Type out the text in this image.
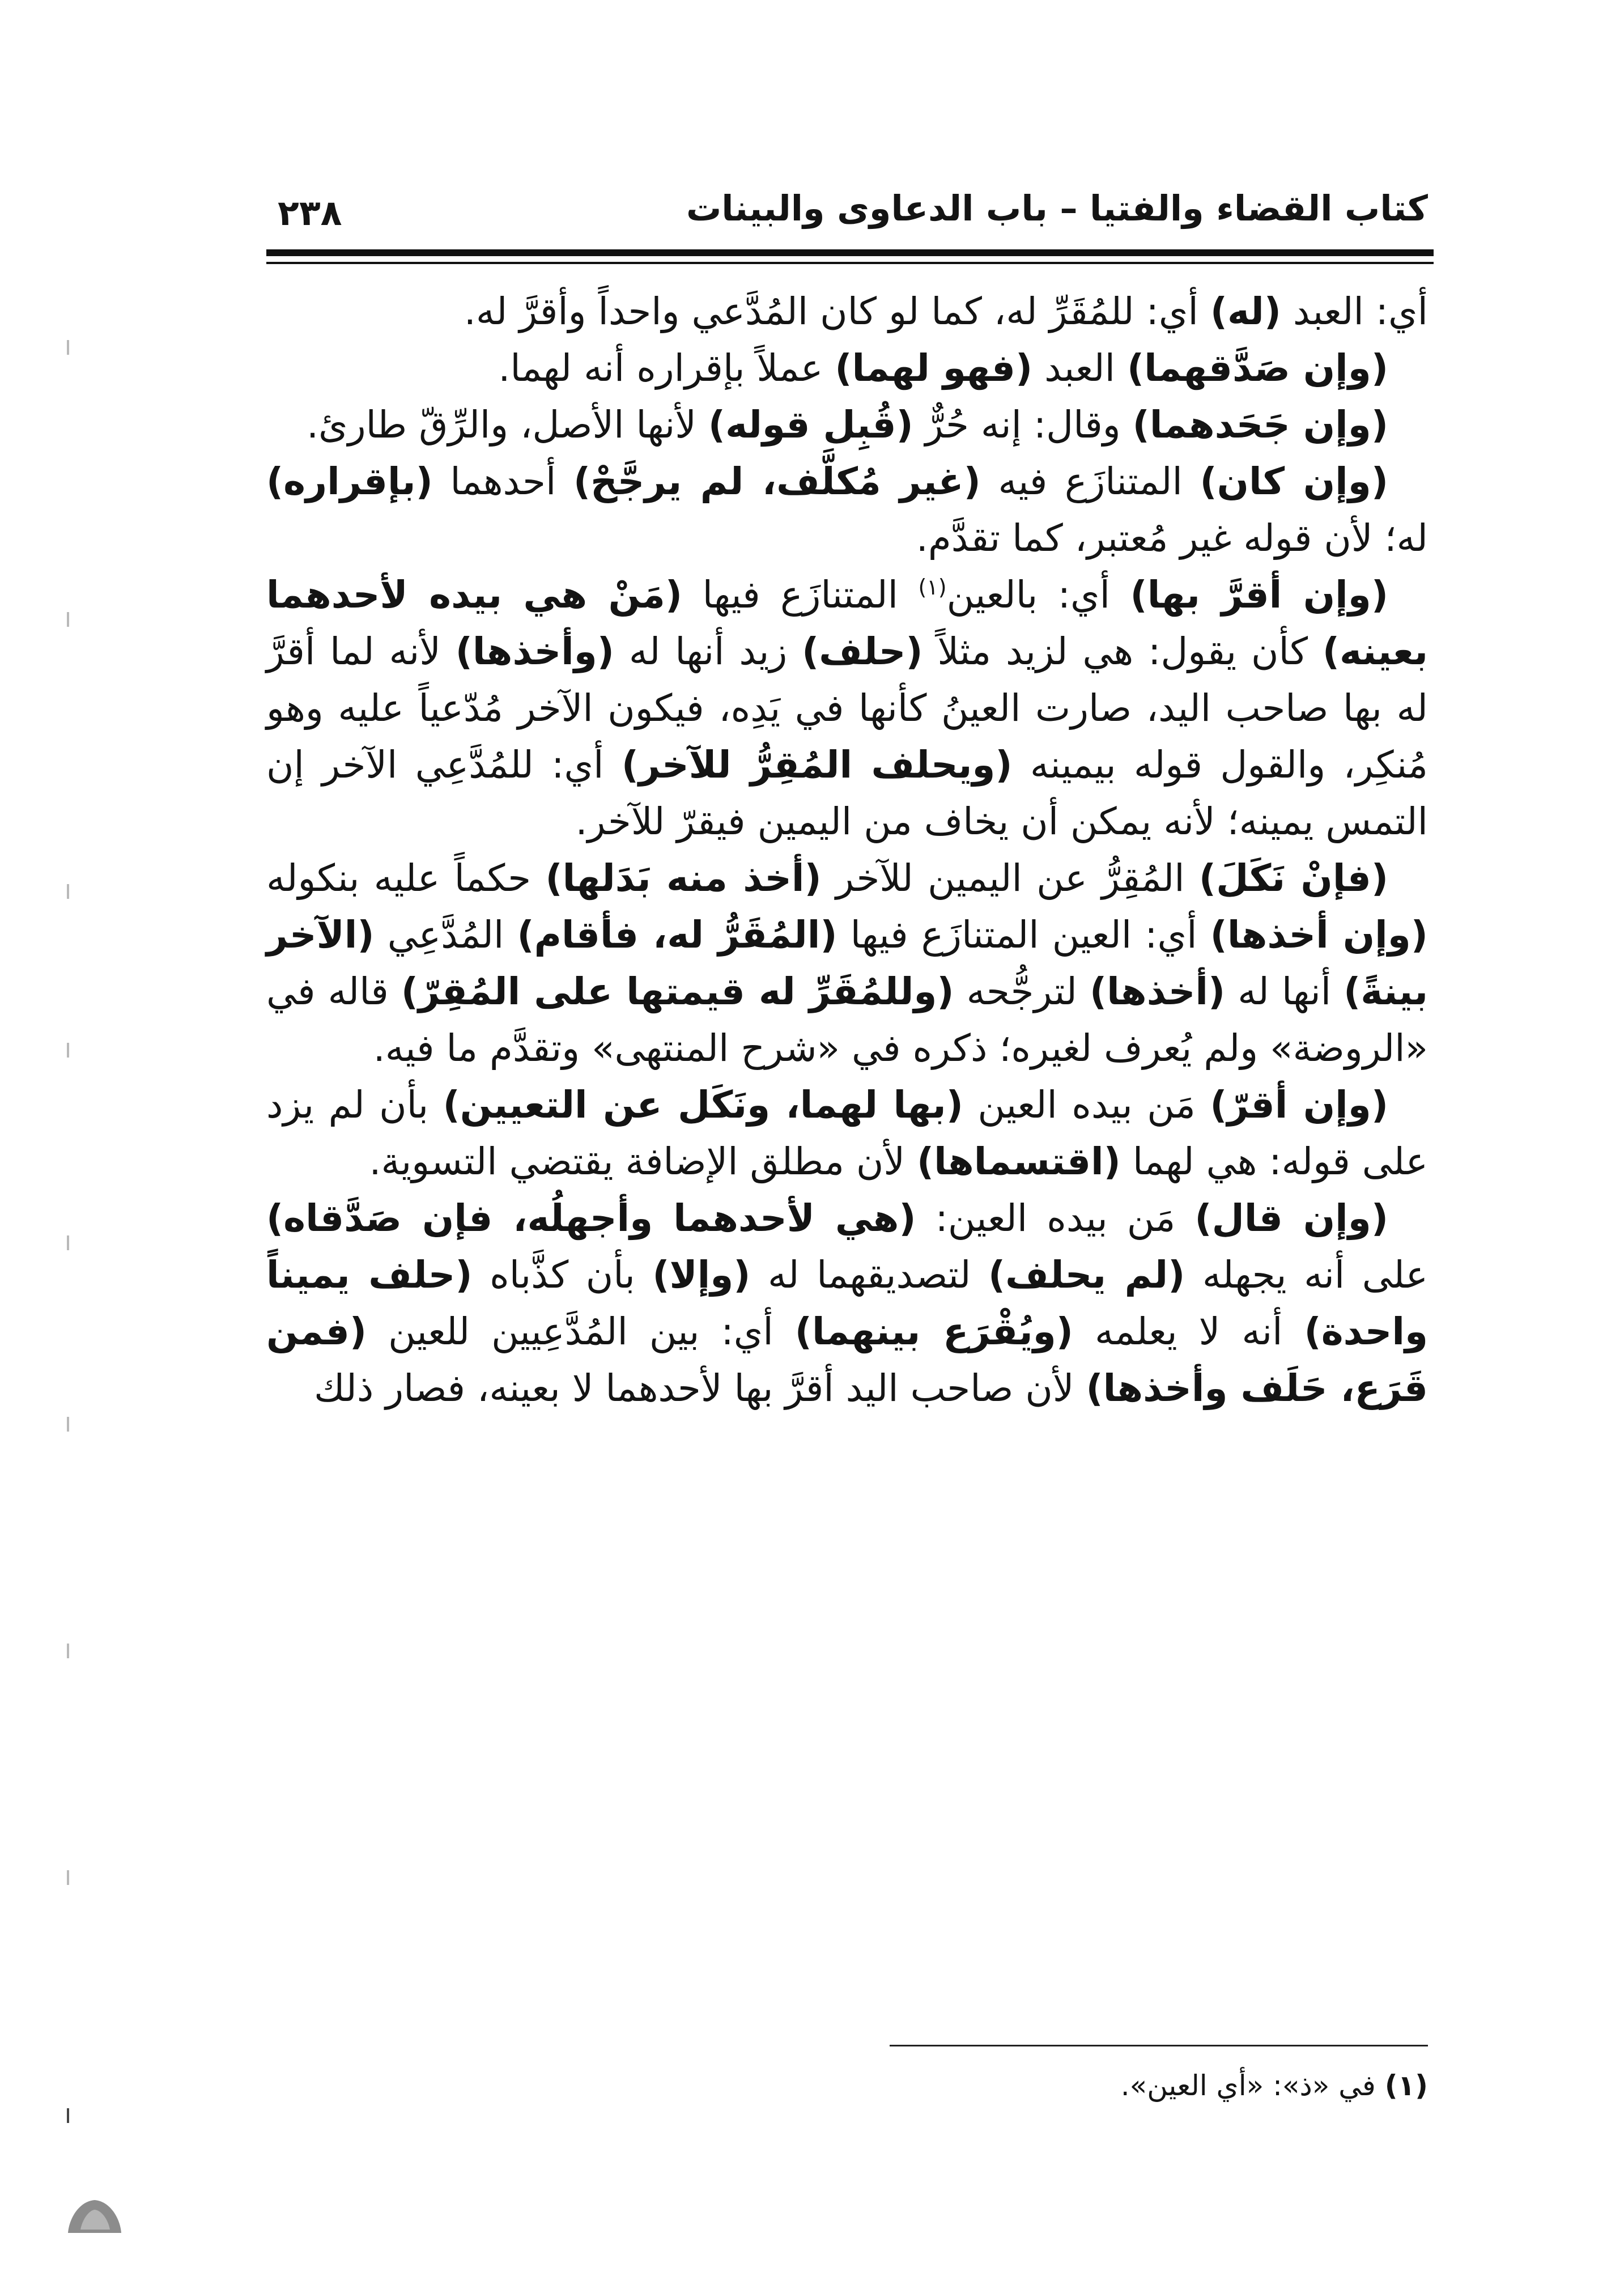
كتاب القضاء والفتيا – باب الدعاوى والبينات
٢٣٨

أي: العبد (له) أي: للمُقَرِّ له، كما لو كان المُدَّعي واحداً وأقرَّ له.

(وإن صَدَّقهما) العبد (فهو لهما) عملاً بإقراره أنه لهما.

(وإن جَحَدهما) وقال: إنه حُرٌّ (قُبِل قوله) لأنها الأصل، والرِّقّ طارئ.

(وإن كان) المتنازَع فيه (غير مُكلَّف، لم يرجَّحْ) أحدهما (بإقراره) له؛ لأن قوله غير مُعتبر، كما تقدَّم.

(وإن أقرَّ بها) أي: بالعين$^{(١)}$ المتنازَع فيها (مَنْ هي بيده لأحدهما بعينه) كأن يقول: هي لزيد مثلاً (حلف) زيد أنها له (وأخذها) لأنه لما أقرَّ له بها صاحب اليد، صارت العينُ كأنها في يَدِه، فيكون الآخر مُدّعياً عليه وهو مُنكِر، والقول قوله بيمينه (ويحلف المُقِرُّ للآخر) أي: للمُدَّعِي الآخر إن التمس يمينه؛ لأنه يمكن أن يخاف من اليمين فيقرّ للآخر.

(فإنْ نَكَلَ) المُقِرُّ عن اليمين للآخر (أخذ منه بَدَلها) حكماً عليه بنكوله (وإن أخذها) أي: العين المتنازَع فيها (المُقَرُّ له، فأقام) المُدَّعِي (الآخر بينةً) أنها له (أخذها) لترجُّحه (وللمُقَرِّ له قيمتها على المُقِرّ) قاله في «الروضة» ولم يُعرف لغيره؛ ذكره في «شرح المنتهى» وتقدَّم ما فيه.

(وإن أقرّ) مَن بيده العين (بها لهما، ونَكَل عن التعيين) بأن لم يزد على قوله: هي لهما (اقتسماها) لأن مطلق الإضافة يقتضي التسوية.

(وإن قال) مَن بيده العين: (هي لأحدهما وأجهلُه، فإن صَدَّقاه) على أنه يجهله (لم يحلف) لتصديقهما له (وإلا) بأن كذَّباه (حلف يميناً واحدة) أنه لا يعلمه (ويُقْرَع بينهما) أي: بين المُدَّعِيين للعين (فمن قَرَع، حَلَف وأخذها) لأن صاحب اليد أقرَّ بها لأحدهما لا بعينه، فصار ذلك

(١) في «ذ»: «أي العين».
